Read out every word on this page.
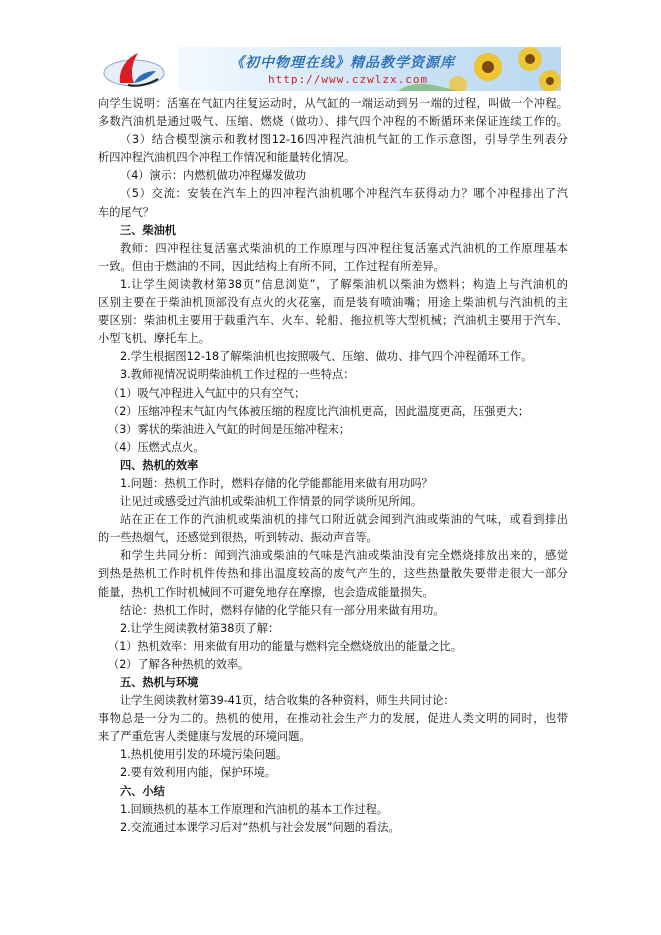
《初中物理在线》精品教学资源库
http://www.czwlzx.com
向学生说明：活塞在气缸内往复运动时，从气缸的一端运动到另一端的过程，叫做一个冲程。
多数汽油机是通过吸气、压缩、燃烧（做功）、排气四个冲程的不断循环来保证连续工作的。
（3）结合模型演示和教材图12-16四冲程汽油机气缸的工作示意图，引导学生列表分
析四冲程汽油机四个冲程工作情况和能量转化情况。
（4）演示：内燃机做功冲程爆发做功
（5）交流：安装在汽车上的四冲程汽油机哪个冲程汽车获得动力？哪个冲程排出了汽
车的尾气？
三、柴油机
教师：四冲程往复活塞式柴油机的工作原理与四冲程往复活塞式汽油机的工作原理基本
一致。但由于燃油的不同，因此结构上有所不同，工作过程有所差异。
1.让学生阅读教材第38页“信息浏览”，了解柴油机以柴油为燃料；构造上与汽油机的
区别主要在于柴油机顶部没有点火的火花塞，而是装有喷油嘴；用途上柴油机与汽油机的主
要区别：柴油机主要用于载重汽车、火车、轮船、拖拉机等大型机械；汽油机主要用于汽车、
小型飞机、摩托车上。
2.学生根据图12-18了解柴油机也按照吸气、压缩、做功、排气四个冲程循环工作。
3.教师视情况说明柴油机工作过程的一些特点：
（1）吸气冲程进入气缸中的只有空气；
（2）压缩冲程末气缸内气体被压缩的程度比汽油机更高，因此温度更高，压强更大；
（3）雾状的柴油进入气缸的时间是压缩冲程末；
（4）压燃式点火。
四、热机的效率
1.问题：热机工作时，燃料存储的化学能都能用来做有用功吗？
让见过或感受过汽油机或柴油机工作情景的同学谈所见所闻。
站在正在工作的汽油机或柴油机的排气口附近就会闻到汽油或柴油的气味，或看到排出
的一些热烟气，还感觉到很热，听到转动、振动声音等。
和学生共同分析：闻到汽油或柴油的气味是汽油或柴油没有完全燃烧排放出来的，感觉
到热是热机工作时机件传热和排出温度较高的废气产生的，这些热量散失要带走很大一部分
能量，热机工作时机械间不可避免地存在摩擦，也会造成能量损失。
结论：热机工作时，燃料存储的化学能只有一部分用来做有用功。
2.让学生阅读教材第38页了解：
（1）热机效率：用来做有用功的能量与燃料完全燃烧放出的能量之比。
（2）了解各种热机的效率。
五、热机与环境
让学生阅读教材第39-41页，结合收集的各种资料，师生共同讨论：
事物总是一分为二的。热机的使用，在推动社会生产力的发展，促进人类文明的同时，也带
来了严重危害人类健康与发展的环境问题。
1.热机使用引发的环境污染问题。
2.要有效利用内能，保护环境。
六、小结
1.回顾热机的基本工作原理和汽油机的基本工作过程。
2.交流通过本课学习后对“热机与社会发展”问题的看法。
